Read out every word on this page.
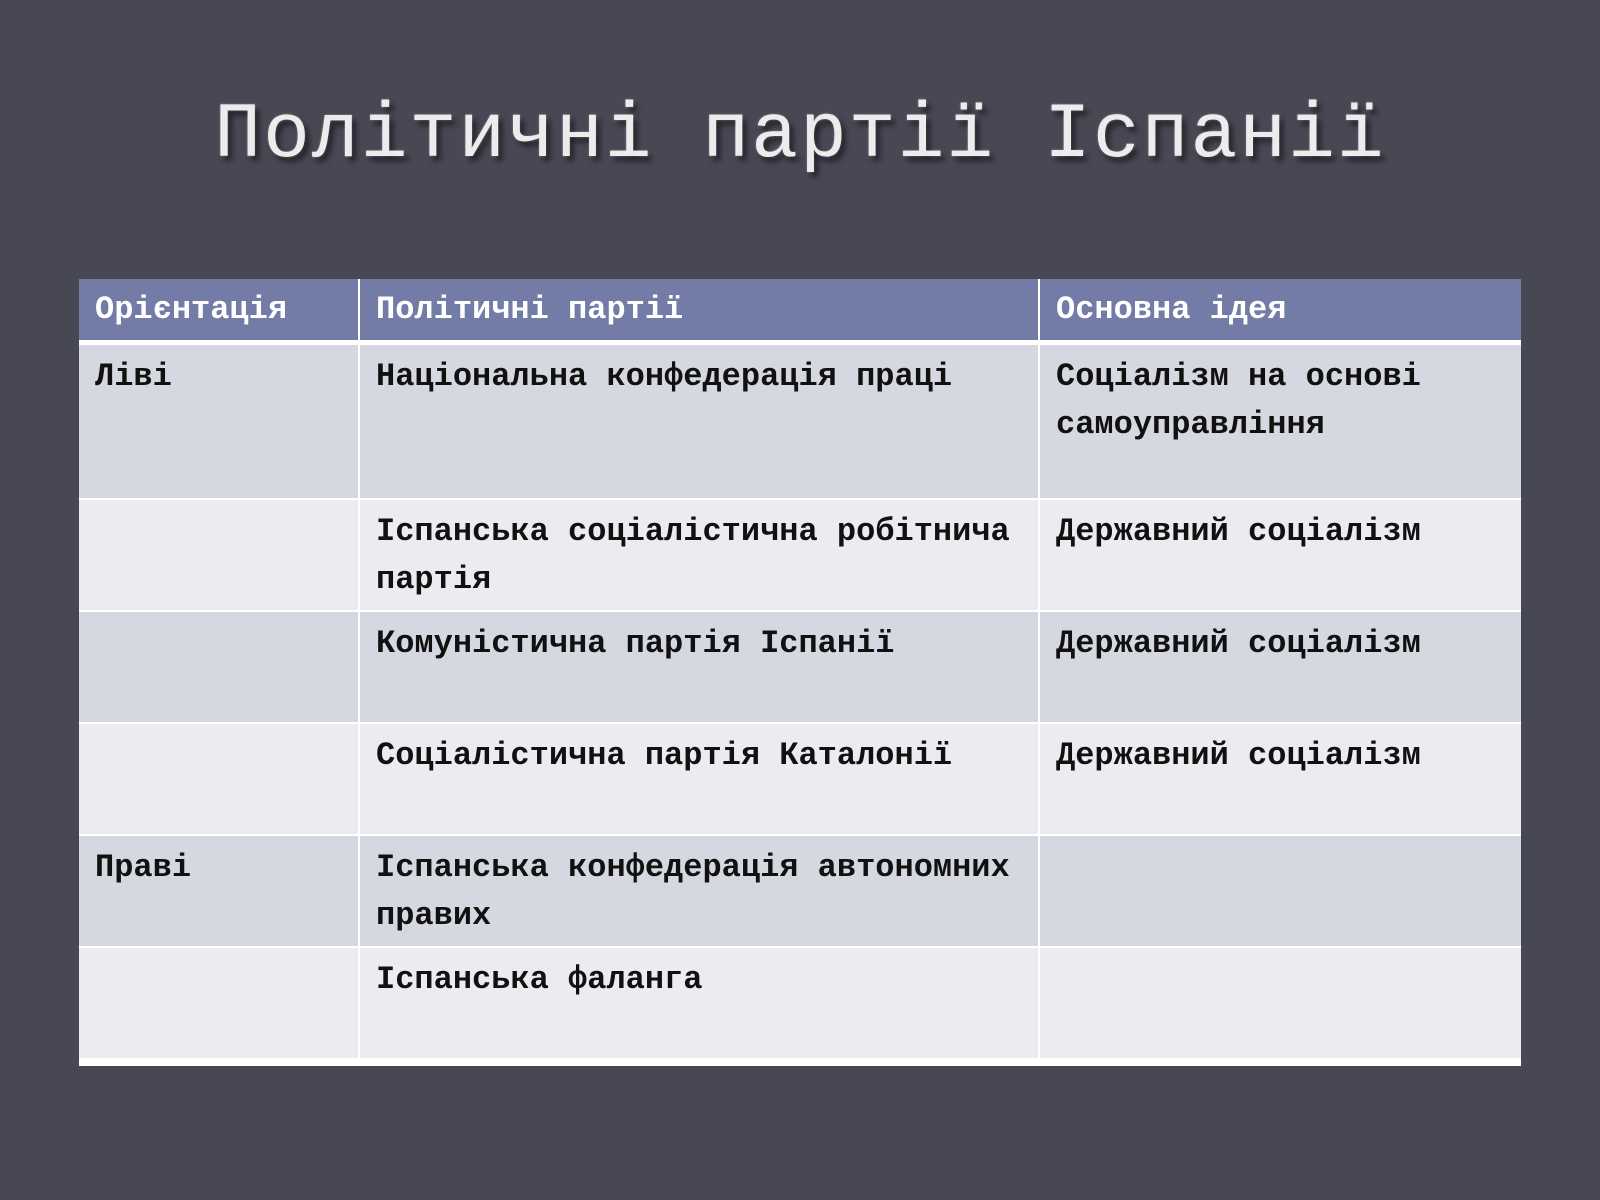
Політичні партії Іспанії
Орієнтація	Політичні партії	Основна ідея
Ліві	Національна конфедерація праці	Соціалізм на основі самоуправління
	Іспанська соціалістична робітнича партія	Державний соціалізм
	Комуністична партія Іспанії	Державний соціалізм
	Соціалістична партія Каталонії	Державний соціалізм
Праві	Іспанська конфедерація автономних правих	
	Іспанська фаланга	
